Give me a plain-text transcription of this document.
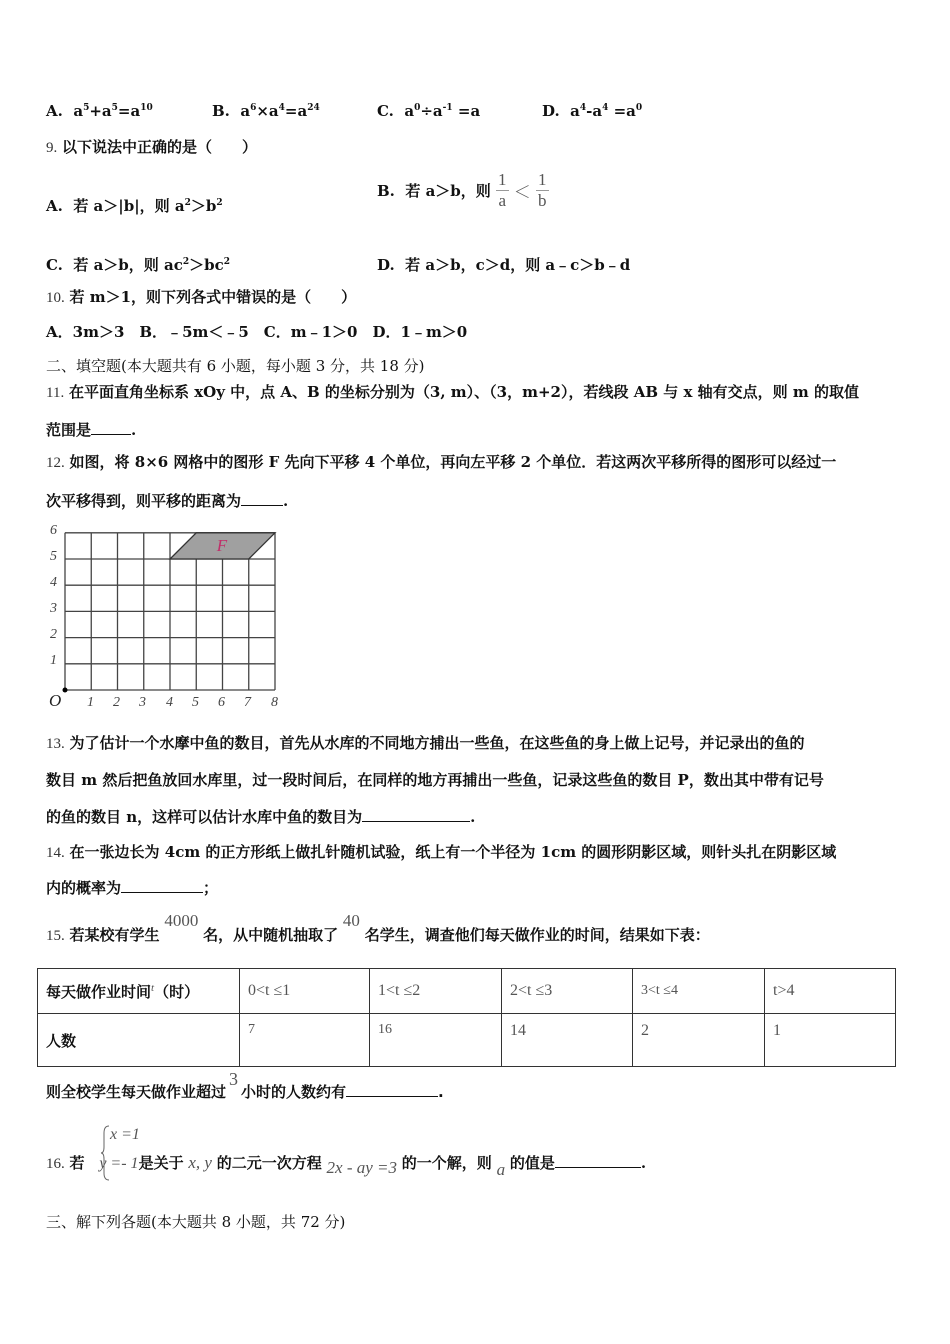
A. $a^5+a^5=a^{10}$	B. $a^6\times a^4=a^{24}$	C. $a^0\div a^{-1} =a$	D. $a^4-a^4 =a^0$
9. 以下说法中正确的是（　　）
A. 若 a＞|b|，则 $a^2>b^2$
B. 若 a＞b，则 $\frac{1}{a} < \frac{1}{b}$
C. 若 a＞b，则 $ac^2>bc^2$	D. 若 a＞b，c＞d，则 a﹣c＞b﹣d
10. 若 m＞1，则下列各式中错误的是（　　）
A．3m＞3　B．﹣5m＜﹣5　C．m﹣1＞0　D．1﹣m＞0
二、填空题(本大题共有 6 小题，每小题 3 分，共 18 分)
11. 在平面直角坐标系 xOy 中，点 A、B 的坐标分别为（3, m）、（3，m+2），若线段 AB 与 x 轴有交点，则 m 的取值
范围是	.
12. 如图，将 8×6 网格中的图形 F 先向下平移 4 个单位，再向左平移 2 个单位．若这两次平移所得的图形可以经过一
次平移得到，则平移的距离为	.
F
6
5
4
3
2
1
O 1 2 3 4 5 6 7 8
13. 为了估计一个水摩中鱼的数目，首先从水库的不同地方捕出一些鱼，在这些鱼的身上做上记号，并记录出的鱼的
数目 m 然后把鱼放回水库里，过一段时间后，在同样的地方再捕出一些鱼，记录这些鱼的数目 P，数出其中带有记号
的鱼的数目 n，这样可以估计水库中鱼的数目为	.
14. 在一张边长为 4cm 的正方形纸上做扎针随机试验，纸上有一个半径为 1cm 的圆形阴影区域，则针头扎在阴影区域
内的概率为	；
15. 若某校有学生 4000 名，从中随机抽取了 40 名学生，调查他们每天做作业的时间，结果如下表：
每天做作业时间$^t$（时）	0<t ≤1	1<t ≤2	2<t ≤3	3<t ≤4	t>4
人数	7	16	14	2	1
则全校学生每天做作业超过3小时的人数约有	.
x =1
16. 若 y =- 1是关于 x, y 的二元一次方程 2x - ay =3 的一个解，则 a 的值是	.
三、解下列各题(本大题共 8 小题，共 72 分)
